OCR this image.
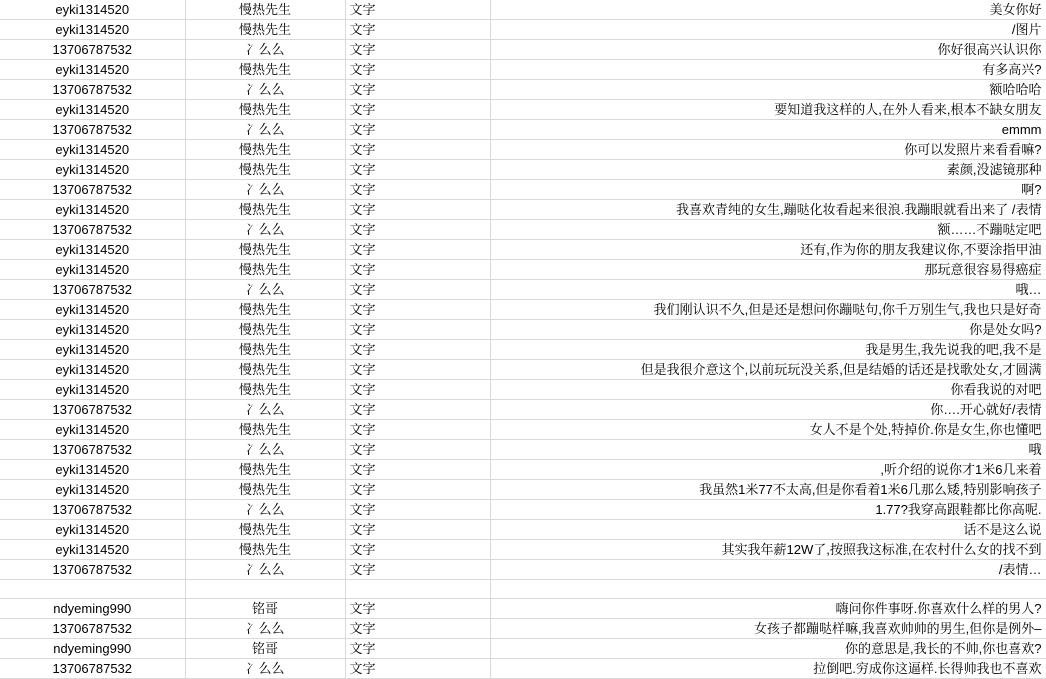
eyki1314520	慢热先生	文字	美女你好
eyki1314520	慢热先生	文字	/图片
13706787532	冫么么	文字	你好很高兴认识你
eyki1314520	慢热先生	文字	有多高兴?
13706787532	冫么么	文字	额哈哈哈
eyki1314520	慢热先生	文字	要知道我这样的人,在外人看来,根本不缺女朋友
13706787532	冫么么	文字	emmm
eyki1314520	慢热先生	文字	你可以发照片来看看嘛?
eyki1314520	慢热先生	文字	素颜,没滤镜那种
13706787532	冫么么	文字	啊?
eyki1314520	慢热先生	文字	我喜欢青纯的女生,蹦哒化妆看起来很浪.我蹦眼就看出来了 /表情
13706787532	冫么么	文字	额……不蹦哒定吧
eyki1314520	慢热先生	文字	还有,作为你的朋友我建议你,不要涂指甲油
eyki1314520	慢热先生	文字	那玩意很容易得癌症
13706787532	冫么么	文字	哦…
eyki1314520	慢热先生	文字	我们刚认识不久,但是还是想问你蹦哒句,你千万别生气,我也只是好奇
eyki1314520	慢热先生	文字	你是处女吗?
eyki1314520	慢热先生	文字	我是男生,我先说我的吧,我不是
eyki1314520	慢热先生	文字	但是我很介意这个,以前玩玩没关系,但是结婚的话还是找歌处女,才圆满
eyki1314520	慢热先生	文字	你看我说的对吧
13706787532	冫么么	文字	你….开心就好/表情
eyki1314520	慢热先生	文字	女人不是个处,特掉价.你是女生,你也懂吧
13706787532	冫么么	文字	哦
eyki1314520	慢热先生	文字	,听介绍的说你才1米6几来着
eyki1314520	慢热先生	文字	我虽然1米77不太高,但是你看着1米6几那么矮,特别影响孩子
13706787532	冫么么	文字	1.77?我穿高跟鞋都比你高呢.
eyki1314520	慢热先生	文字	话不是这么说
eyki1314520	慢热先生	文字	其实我年薪12W了,按照我这标准,在农村什么女的找不到
13706787532	冫么么	文字	/表情…

ndyeming990	铭哥	文字	嗨问你件事呀.你喜欢什么样的男人?
13706787532	冫么么	文字	女孩子都蹦哒样嘛,我喜欢帅帅的男生,但你是例外–
ndyeming990	铭哥	文字	你的意思是,我长的不帅,你也喜欢?
13706787532	冫么么	文字	拉倒吧.穷成你这逼样.长得帅我也不喜欢
